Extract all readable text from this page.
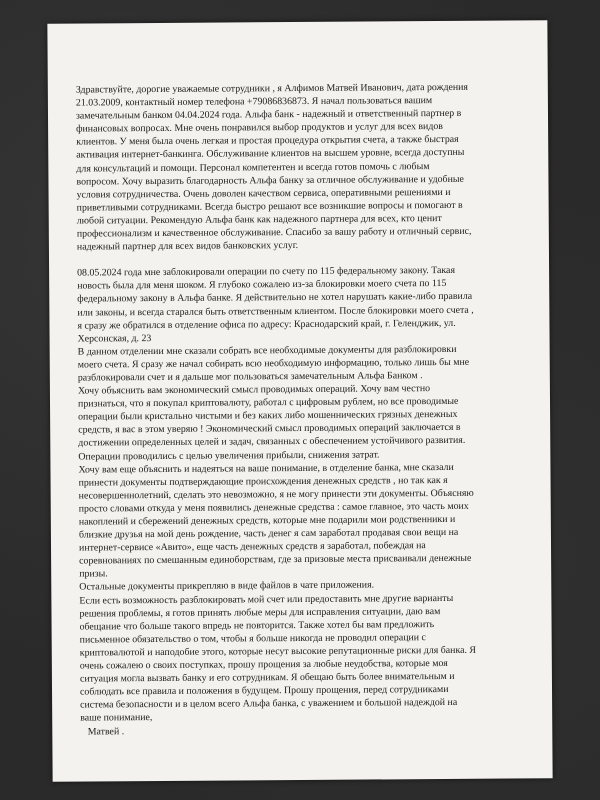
Здравствуйте, дорогие уважаемые сотрудники , я Алфимов Матвей Иванович, дата рождения
21.03.2009, контактный номер телефона +79086836873. Я начал пользоваться вашим
замечательным банком 04.04.2024 года. Альфа банк - надежный и ответственный партнер в
финансовых вопросах. Мне очень понравился выбор продуктов и услуг для всех видов
клиентов. У меня была очень легкая и простая процедура открытия счета, а также быстрая
активация интернет-банкинга. Обслуживание клиентов на высшем уровне, всегда доступны
для консультаций и помощи. Персонал компетентен и всегда готов помочь с любым
вопросом. Хочу выразить благодарность Альфа банку за отличное обслуживание и удобные
условия сотрудничества. Очень доволен качеством сервиса, оперативными решениями и
приветливыми сотрудниками. Всегда быстро решают все возникшие вопросы и помогают в
любой ситуации. Рекомендую Альфа банк как надежного партнера для всех, кто ценит
профессионализм и качественное обслуживание. Спасибо за вашу работу и отличный сервис,
надежный партнер для всех видов банковских услуг.

08.05.2024 года мне заблокировали операции по счету по 115 федеральному закону. Такая
новость была для меня шоком. Я глубоко сожалею из-за блокировки моего счета по 115
федеральному закону в Альфа банке. Я действительно не хотел нарушать какие-либо правила
или законы, и всегда старался быть ответственным клиентом. После блокировки моего счета ,
я сразу же обратился в отделение офиса по адресу: Краснодарский край, г. Геленджик, ул.
Херсонская, д. 23
В данном отделении мне сказали собрать все необходимые документы для разблокировки
моего счета. Я сразу же начал собирать всю необходимую информацию, только лишь бы мне
разблокировали счет и я дальше мог пользоваться замечательным Альфа Банком .
Хочу объяснить вам экономический смысл проводимых операций. Хочу вам честно
признаться, что я покупал криптовалюту, работал с цифровым рублем, но все проводимые
операции были кристально чистыми и без каких либо мошеннических грязных денежных
средств, я вас в этом уверяю ! Экономический смысл проводимых операций заключается в
достижении определенных целей и задач, связанных с обеспечением устойчивого развития.
Операции проводились с целью увеличения прибыли, снижения затрат.
Хочу вам еще объяснить и надеяться на ваше понимание, в отделение банка, мне сказали
принести документы подтверждающие происхождения денежных средств , но так как я
несовершеннолетний, сделать это невозможно, я не могу принести эти документы. Объясняю
просто словами откуда у меня появились денежные средства : самое главное, это часть моих
накоплений и сбережений денежных средств, которые мне подарили мои родственники и
близкие друзья на мой день рождение, часть денег я сам заработал продавая свои вещи на
интернет-сервисе «Авито», еще часть денежных средств я заработал, побеждая на
соревнованиях по смешанным единоборствам, где за призовые места присваивали денежные
призы.
Остальные документы прикрепляю в виде файлов в чате приложения.
Если есть возможность разблокировать мой счет или предоставить мне другие варианты
решения проблемы, я готов принять любые меры для исправления ситуации, даю вам
обещание что больше такого впредь не повторится. Также хотел бы вам предложить
письменное обязательство о том, чтобы я больше никогда не проводил операции с
криптовалютой и наподобие этого, которые несут высокие репутационные риски для банка. Я
очень сожалею о своих поступках, прошу прощения за любые неудобства, которые моя
ситуация могла вызвать банку и его сотрудникам. Я обещаю быть более внимательным и
соблюдать все правила и положения в будущем. Прошу прощения, перед сотрудниками
система безопасности и в целом всего Альфа банка, с уважением и большой надеждой на
ваше понимание,

Матвей .
